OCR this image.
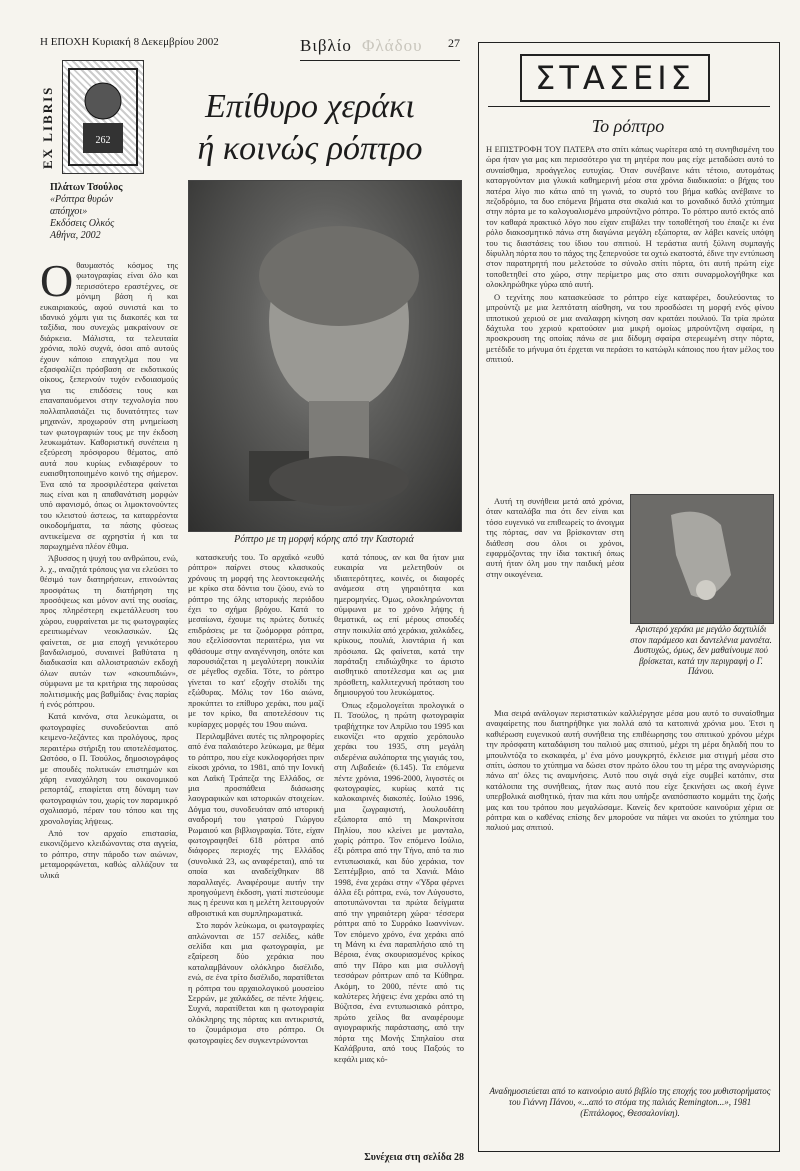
Η ΕΠΟΧΗ Κυριακή 8 Δεκεμβρίου 2002	Βιβλίο Φλάδου 27
EX LIBRIS	262
Επίθυρο χεράκι
ή κοινώς ρόπτρο
Πλάτων Τσούλος
«Ρόπτρα θυρών απόηχοι»
Εκδόσεις Ολκός
Αθήνα, 2002
Ρόπτρο με τη μορφή κόρης από την Καστοριά
Ο θαυμαστός κόσμος της φωτογραφίας είναι όλο και περισσότερο εραστέχνες, σε μόνιμη βάση ή και ευκαιριακούς, αφού συνιστά και το ιδανικό χόμπι για τις διακοπές και τα ταξίδια, που συνεχώς μακραίνουν σε διάρκεια. Μάλιστα, τα τελευταία χρόνια, πολύ συχνά, όσοι από αυτούς έχουν κάποιο επαγγελμα που να εξασφαλίζει πρόσβαση σε εκδοτικούς οίκους, ξεπερνούν τυχόν ενδοιασμούς για τις επιδόσεις τους και επαναπαυόμενοι στην τεχνολογία που πολλαπλασιάζει τις δυνατότητες των μηχανών, προχωρούν στη μνημείωση των φωτογραφιών τους με την έκδοση λευκωμάτων. Καθοριστική συνέπεια η εξεύρεση πρόσφορου θέματος, από αυτά που κυρίως ενδιαφέρουν το ευαισθητοποιημένο κοινό της σήμερον. Ένα από τα προσφιλέστερα φαίνεται πως είναι και η απαθανάτιση μορφών υπό αφανισμό, όπως οι λιμοκτονούντες του κλειστού άστεως, τα καταρρέοντα οικοδομήματα, τα πάσης φύσεως αντικείμενα σε αχρηστία ή και τα παρωχημένα πλέον έθιμα.

Άβυσσος η ψυχή του ανθρώπου, ενώ, λ. χ., αναζητά τρόπους για να ελεύσει το θέσιμό των διατηρήσεων, επινοώντας προσφάτως τη διατήρηση της προσόψεως και μόνον αντί της ουσίας, προς πληρέστερη εκμετάλλευση του χώρου, ευφραίνεται με τις φωτογραφίες ερειπιωμένων νεοκλασικών. Ως φαίνεται, σε μια εποχή γενικότερου βανδαλισμού, συναινεί βαθύτατα η διαδικασία και αλλοιστρασιών εκδοχή όλων αυτών των «σκουπιδιών», σύμφωνα με τα κριτήρια της παρούσας πολιτισμικής μας βαθμίδας· ένας παρίας ή ενός ρόπτρου.

Κατά κανόνα, στα λευκώματα, οι φωτογραφίες συνοδεύονται από κειμενο-λεζάντες και προλόγους, προς περαιτέρω στήριξη του αποτελέσματος. Ωστόσο, ο Π. Τσούλος, δημοσιογράφος με σπουδές πολιτικών επιστημών και χάρη ενασχόληση του οικονομικού ρεπορτάζ, επαφίεται στη δύναμη των φωτογραφιών του, χωρίς τον παραμικρό σχολιασμό, πέραν του τόπου και της χρονολογίας λήψεως.

Από τον αρχαίο επιστασία, εικονιζόμενο κλειδώνοντας στα αγγεία, το ρόπτρο, στην πάροδο των αιώνων, μεταμορφώνεται, καθώς αλλάζουν τα υλικά

κατασκευής του. Το αρχαϊκό «ευθύ ρόπτρο» παίρνει στους κλασικούς χρόνους τη μορφή της λεοντοκεφαλής με κρίκο στα δόντια του ζώου, ενώ το ρόπτρο της όλης ιστορικής περιόδου έχει το σχήμα βρόχου. Κατά το μεσαίωνα, έχουμε τις πρώτες δυτικές επιδράσεις με τα ζωόμορφα ρόπτρα, που εξελίσσονται περαιτέρω, για να φθάσουμε στην αναγέννηση, οπότε και παρουσιάζεται η μεγαλύτερη ποικιλία σε μέγεθος σχεδία. Τότε, το ρόπτρο γίνεται το κατ' εξοχήν στολίδι της εξώθυρας. Μόλις τον 16ο αιώνα, προκύπτει το επίθυρο χεράκι, που μαζί με τον κρίκο, θα αποτελέσουν τις κυρίαρχες μορφές του 19ου αιώνα.

Περιλαμβάνει αυτές τις πληροφορίες από ένα παλαιότερο λεύκωμα, με θέμα το ρόπτρο, που είχε κυκλοφορήσει πριν είκοσι χρόνια, το 1981, από την Ιονική και Λαϊκή Τράπεζα της Ελλάδος, σε μια προσπάθεια διάσωσης λαογραφικών και ιστορικών στοιχείων. Δόγμα του, συνοδευόταν από ιστορική αναδρομή του γιατρού Γιώργου Ρωμαιού και βιβλιογραφία. Τότε, είχαν φωτογραφηθεί 618 ρόπτρα από διάφορες περιοχές της Ελλάδος (συνολικά 23, ως αναφέρεται), από τα οποία και αναδείχθηκαν 88 παραλλαγές. Αναφέρουμε αυτήν την προηγούμενη έκδοση, γιατί πιστεύουμε πως η έρευνα και η μελέτη λειτουργούν αθροιστικά και συμπληρωματικά.

Στο παρόν λεύκωμα, οι φωτογραφίες απλώνονται σε 157 σελίδες, κάθε σελίδα και μια φωτογραφία, με εξαίρεση δύο χεράκια που καταλαμβάνουν ολόκληρο δισέλιδο, ενώ, σε ένα τρίτο δισέλιδο, παρατίθεται η ρόπτρα του αρχαιολογικού μουσείου Σερρών, με χαλκάδες, σε πέντε λήψεις. Συχνά, παρατίθεται και η φωτογραφία ολόκληρης της πόρτας και αντικριστά, το ζουμάρισμα στο ρόπτρο. Οι φωτογραφίες δεν συγκεντρώνονται

κατά τόπους, αν και θα ήταν μια ευκαιρία να μελετηθούν οι ιδιαιτερότητες, κοινές, οι διαφορές ανάμεσα στη γηραιότητα και ημερομηνίες. Όμως, ολοκληρώνονται σύμφωνα με το χρόνο λήψης ή θεματικά, ως επί μέρους σπουδές στην ποικιλία από χεράκια, χαλκάδες, κρίκους, πουλιά, λιοντάρια ή και πρόσωπα. Ως φαίνεται, κατά την παράταξη επιδιώχθηκε το άριστο αισθητικό αποτέλεσμα και ως μια πρόσθετη, καλλιτεχνική πρόταση του δημιουργού του λευκώματος.

Όπως εξομολογείται προλογικά ο Π. Τσούλος, η πρώτη φωτογραφία τραβήχτηκε τον Απρίλιο του 1995 και εικονίζει «το αρχαίο χερόπουλο χεράκι του 1935, στη μεγάλη σιδερένια αυλόπορτα της γιαγιάς του, στη Λιβαδειά» (6.145). Τα επόμενα πέντε χρόνια, 1996-2000, λιγοστές οι φωτογραφίες, κυρίως κατά τις καλοκαιρινές διακοπές. Ιούλιο 1996, μια ζωγραφιστή, λουλουδάτη εξώπορτα από τη Μακρινίτσα Πηλίου, που κλείνει με μανταλο, χωρίς ρόπτρο. Τον επόμενο Ιούλιο, έξι ρόπτρα από την Τήνο, από τα πιο εντυπωσιακά, και δύο χεράκια, τον Σεπτέμβριο, από τα Χανιά. Μάιο 1998, ένα χεράκι στην «Ύδρα φέρνει άλλα έξι ρόπτρα, ενώ, τον Αύγουστο, αποτυπώνονται τα πρώτα δείγματα από την γηραιότερη χώρα· τέσσερα ρόπτρα από το Συρράκο Ιωαννίνων. Τον επόμενο χρόνο, ένα χεράκι από τη Μάνη κι ένα παραπλήσιο από τη Βέροια, ένας σκουριασμένος κρίκος από την Πάρο και μια συλλογή τεσσάρων ρόπτρων από τα Κύθηρα. Ακόμη, το 2000, πέντε από τις καλύτερες λήψεις: ένα χεράκι από τη Βύζιτσα, ένα εντυπωσιακό ρόπτρο, πρώτο χείλος θα αναφέρουμε αγιογραφικής παράστασης, από την πόρτα της Μονής Σπηλαίου στα Καλάβρυτα, από τους Παξούς το κεφάλι μιας κό-

Συνέχεια στη σελίδα 28
ΣΤΑΣΕΙΣ
Το ρόπτρο

Η ΕΠΙΣΤΡΟΦΗ ΤΟΥ ΠΑΤΕΡΑ στο σπίτι κάπως νωρίτερα από τη συνηθισμένη του ώρα ήταν για μας και περισσότερο για τη μητέρα που μας είχε μεταδώσει αυτό το συναίσθημα, προάγγελος ευτυχίας. Όταν συνέβαινε κάτι τέτοιο, αυτομάτως καταργούνταν μια γλυκιά καθημερινή μέσα στα χρόνια διαδικασία: ο βήχας του πατέρα λίγο πιο κάτω από τη γωνιά, το συρτό του βήμα καθώς ανέβαινε το πεζοδρόμιο, τα δυο επόμενα βήματα στα σκαλιά και το μοναδικό διπλό χτύπημα στην πόρτα με το καλογυαλισμένο μπρούντζινο ρόπτρο. Το ρόπτρο αυτό εκτός από τον καθαρά πρακτικό λόγο που είχαν επιβάλει την τοποθέτησή του έπαιζε κι ένα ρόλο διακοσμητικό πάνω στη διαγώνια μεγάλη εξώπορτα, αν λάβει κανείς υπόψη του τις διαστάσεις του ίδιου του σπιτιού. Η τεράστια αυτή ξύλινη συμπαγής δίφυλλη πόρτα που το πάχος της ξεπερνούσε τα οχτώ εκατοστά, έδινε την εντύπωση στον παρατηρητή που μελετούσε το σύνολο σπίτι πόρτα, ότι αυτή πρώτη είχε τοποθετηθεί στο χώρο, στην περίμετρο μας στο σπιτι συναρμολογήθηκε και ολοκληρώθηκε γύρω από αυτή.

Ο τεχνίτης που κατασκεύασε το ρόπτρο είχε καταφέρει, δουλεύοντας το μπρούντζι με μια λεπτότατη αίσθηση, να του προσδώσει τη μορφή ενός φίνου ιπποτικού χεριού σε μια αναλαφρη κίνηση σαν κρατάει πουλιού. Τα τρία πρώτα δάχτυλα του χεριού κρατούσαν μια μικρή ομοίως μπρούντζινη σφαίρα, η προσκρουση της οποίας πάνω σε μια δίδυμη σφαίρα στερεωμένη στην πόρτα, μετέδιδε το μήνυμα ότι έρχεται να περάσει το κατώφλι κάποιος που ήταν μέλος του σπιτιού.

Αυτή τη συνήθεια μετά από χρόνια, όταν καταλάβα πια ότι δεν είναι και τόσο ευγενικό να επιθεωρείς το άνοιγμα της πόρτας, σαν να βρίσκονταν στη διάθεση σου όλοι οι χρόνοι, εφαρμόζοντας την ίδια τακτική όπως αυτή ήταν όλη μου την παιδική μέσα στην οικογένεια.

Αριστερό χεράκι με μεγάλο δαχτυλίδι στον παράμεσο και δαντελένια μανσέτα. Δυστυχώς, όμως, δεν μαθαίνουμε πού βρίσκεται, κατά την περιγραφή ο Γ. Πάνου.

Μια σειρά ανάλογων περιστατικών καλλιέργησε μέσα μου αυτό το συναίσθημα αναφαίρετης που διατηρήθηκε για πολλά από τα κατοπινά χρόνια μου. Έτσι η καθιέρωση ευγενικού αυτή συνήθεια της επιθέωρησης του σπιτικού χρόνου μέχρι την πρόσφατη καταδάφιση του παλιού μας σπιτιού, μέχρι τη μέρα δηλαδή που το μπουλντόζα το εκσκαφέα, μ' ένα μόνο μουγκρητό, έκλεισε μια στιγμή μέσα στο σπίτι, ώσπου το χτύπημα να δώσει στον πρώτο όλου του τη μέρα της αναγνώρισης πάνω απ' όλες τις αναμνήσεις. Αυτό που σιγά σιγά είχε συμβεί κατόπιν, στα κατάλοιπα της συνήθειας, ήταν πως αυτό που είχε ξεκινήσει ως ακοή έγινε υπερβολικά αισθητικό, ήταν πια κάτι που υπήρξε αναπόσπαστο κομμάτι της ζωής μας και του τρόπου που μεγαλώσαμε. Κανείς δεν κρατούσε καινούρια χέρια σε ρόπτρα και ο καθένας επίσης δεν μπορούσε να πάψει να ακούει το χτύπημα του παλιού μας σπιτιού.

Αναδημοσιεύεται από το καινούριο αυτό βιβλίο της εποχής του μυθιστορήματος του Γιάννη Πάνου, «...από το στόμα της παλιάς Remington...», 1981 (Επτάλοφος, Θεσσαλονίκη).
